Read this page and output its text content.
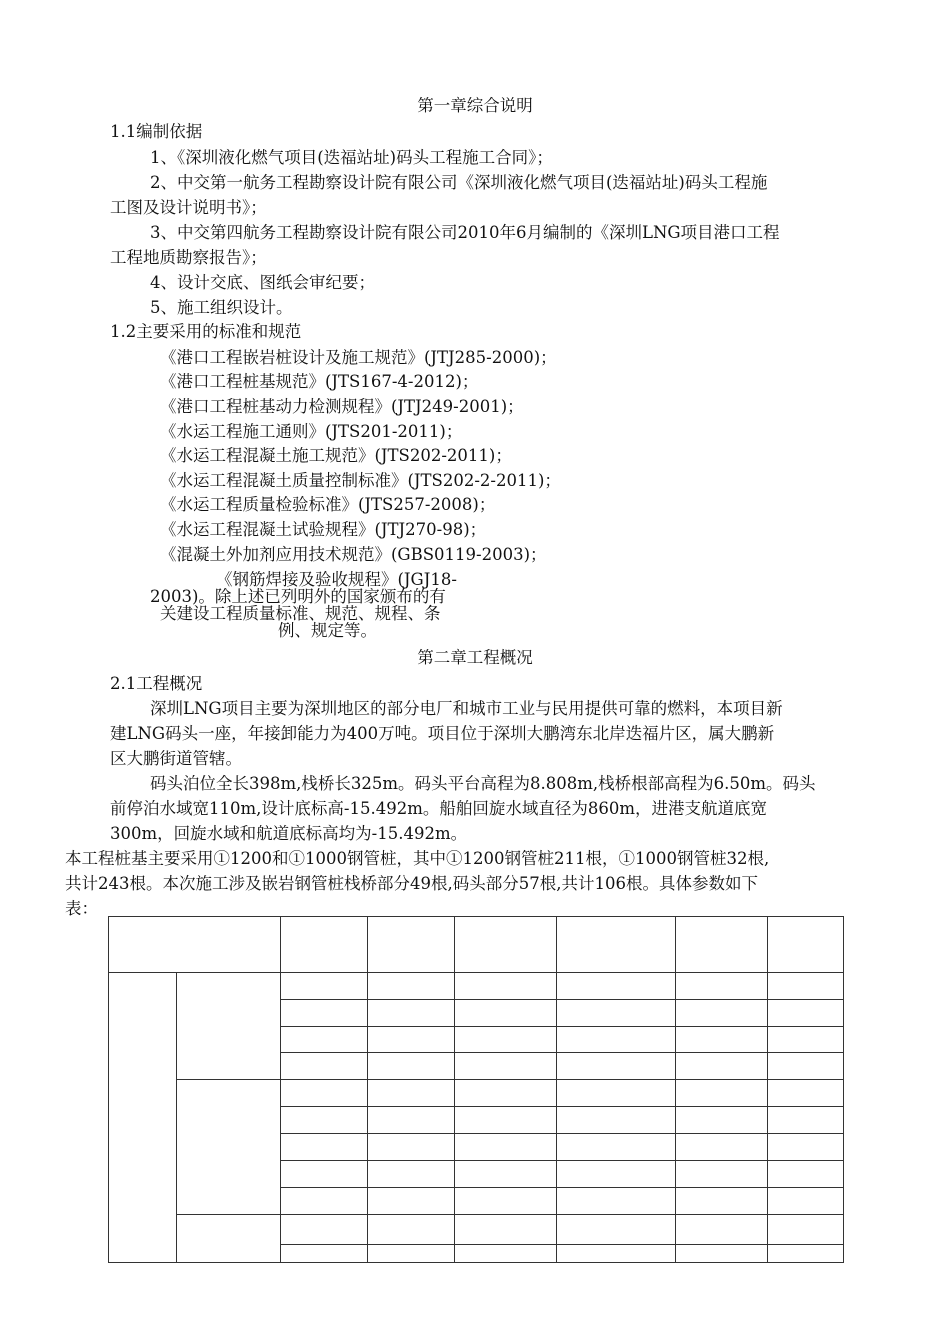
第一章综合说明

1.1编制依据

1、《深圳液化燃气项目(迭福站址)码头工程施工合同》；

2、中交第一航务工程勘察设计院有限公司《深圳液化燃气项目(迭福站址)码头工程施

工图及设计说明书》；

3、中交第四航务工程勘察设计院有限公司2010年6月编制的《深圳LNG项目港口工程

工程地质勘察报告》；

4、设计交底、图纸会审纪要；

5、施工组织设计。

1.2主要采用的标准和规范

《港口工程嵌岩桩设计及施工规范》(JTJ285-2000)；

《港口工程桩基规范》(JTS167-4-2012)；

《港口工程桩基动力检测规程》(JTJ249-2001)；

《水运工程施工通则》(JTS201-2011)；

《水运工程混凝土施工规范》(JTS202-2011)；

《水运工程混凝土质量控制标准》(JTS202-2-2011)；

《水运工程质量检验标准》(JTS257-2008)；

《水运工程混凝土试验规程》(JTJ270-98)；

《混凝土外加剂应用技术规范》(GBS0119-2003)；

《钢筋焊接及验收规程》(JGJ18-

2003)。除上述已列明外的国家颁布的有

关建设工程质量标准、规范、规程、条

例、规定等。

第二章工程概况

2.1工程概况

深圳LNG项目主要为深圳地区的部分电厂和城市工业与民用提供可靠的燃料，本项目新

建LNG码头一座，年接卸能力为400万吨。项目位于深圳大鹏湾东北岸迭福片区，属大鹏新

区大鹏街道管辖。

码头泊位全长398m,栈桥长325m。码头平台高程为8.808m,栈桥根部高程为6.50m。码头

前停泊水域宽110m,设计底标高-15.492m。船舶回旋水域直径为860m，进港支航道底宽

300m，回旋水域和航道底标高均为-15.492m。

本工程桩基主要采用①1200和①1000钢管桩，其中①1200钢管桩211根，①1000钢管桩32根,

共计243根。本次施工涉及嵌岩钢管桩栈桥部分49根,码头部分57根,共计106根。具体参数如下

表：
